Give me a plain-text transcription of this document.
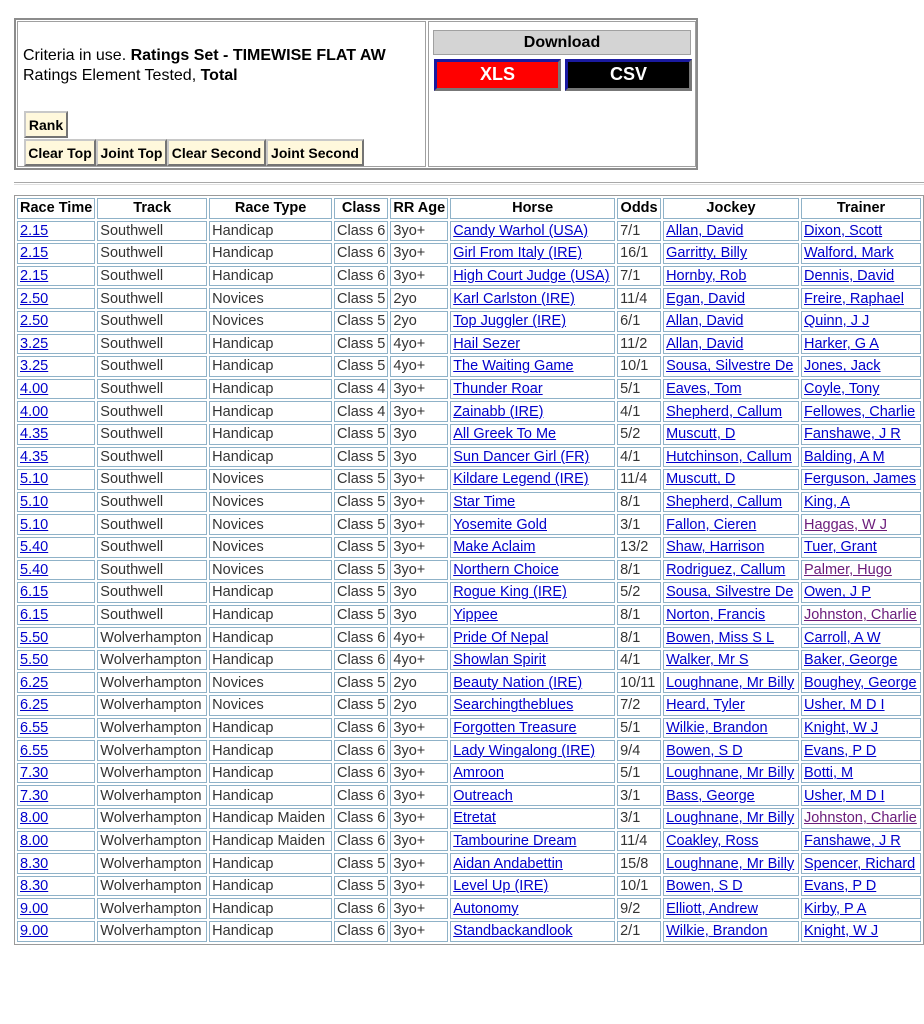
Criteria in use. Ratings Set - TIMEWISE FLAT AW
Ratings Element Tested, Total
Rank
Clear Top Joint Top Clear Second Joint Second
Download
XLS	CSV
Race Time	Track	Race Type	Class	RR Age	Horse	Odds	Jockey	Trainer
2.15	Southwell	Handicap	Class 6	3yo+	Candy Warhol (USA)	7/1	Allan, David	Dixon, Scott
2.15	Southwell	Handicap	Class 6	3yo+	Girl From Italy (IRE)	16/1	Garritty, Billy	Walford, Mark
2.15	Southwell	Handicap	Class 6	3yo+	High Court Judge (USA)	7/1	Hornby, Rob	Dennis, David
2.50	Southwell	Novices	Class 5	2yo	Karl Carlston (IRE)	11/4	Egan, David	Freire, Raphael
2.50	Southwell	Novices	Class 5	2yo	Top Juggler (IRE)	6/1	Allan, David	Quinn, J J
3.25	Southwell	Handicap	Class 5	4yo+	Hail Sezer	11/2	Allan, David	Harker, G A
3.25	Southwell	Handicap	Class 5	4yo+	The Waiting Game	10/1	Sousa, Silvestre De	Jones, Jack
4.00	Southwell	Handicap	Class 4	3yo+	Thunder Roar	5/1	Eaves, Tom	Coyle, Tony
4.00	Southwell	Handicap	Class 4	3yo+	Zainabb (IRE)	4/1	Shepherd, Callum	Fellowes, Charlie
4.35	Southwell	Handicap	Class 5	3yo	All Greek To Me	5/2	Muscutt, D	Fanshawe, J R
4.35	Southwell	Handicap	Class 5	3yo	Sun Dancer Girl (FR)	4/1	Hutchinson, Callum	Balding, A M
5.10	Southwell	Novices	Class 5	3yo+	Kildare Legend (IRE)	11/4	Muscutt, D	Ferguson, James
5.10	Southwell	Novices	Class 5	3yo+	Star Time	8/1	Shepherd, Callum	King, A
5.10	Southwell	Novices	Class 5	3yo+	Yosemite Gold	3/1	Fallon, Cieren	Haggas, W J
5.40	Southwell	Novices	Class 5	3yo+	Make Aclaim	13/2	Shaw, Harrison	Tuer, Grant
5.40	Southwell	Novices	Class 5	3yo+	Northern Choice	8/1	Rodriguez, Callum	Palmer, Hugo
6.15	Southwell	Handicap	Class 5	3yo	Rogue King (IRE)	5/2	Sousa, Silvestre De	Owen, J P
6.15	Southwell	Handicap	Class 5	3yo	Yippee	8/1	Norton, Francis	Johnston, Charlie
5.50	Wolverhampton	Handicap	Class 6	4yo+	Pride Of Nepal	8/1	Bowen, Miss S L	Carroll, A W
5.50	Wolverhampton	Handicap	Class 6	4yo+	Showlan Spirit	4/1	Walker, Mr S	Baker, George
6.25	Wolverhampton	Novices	Class 5	2yo	Beauty Nation (IRE)	10/11	Loughnane, Mr Billy	Boughey, George
6.25	Wolverhampton	Novices	Class 5	2yo	Searchingtheblues	7/2	Heard, Tyler	Usher, M D I
6.55	Wolverhampton	Handicap	Class 6	3yo+	Forgotten Treasure	5/1	Wilkie, Brandon	Knight, W J
6.55	Wolverhampton	Handicap	Class 6	3yo+	Lady Wingalong (IRE)	9/4	Bowen, S D	Evans, P D
7.30	Wolverhampton	Handicap	Class 6	3yo+	Amroon	5/1	Loughnane, Mr Billy	Botti, M
7.30	Wolverhampton	Handicap	Class 6	3yo+	Outreach	3/1	Bass, George	Usher, M D I
8.00	Wolverhampton	Handicap Maiden	Class 6	3yo+	Etretat	3/1	Loughnane, Mr Billy	Johnston, Charlie
8.00	Wolverhampton	Handicap Maiden	Class 6	3yo+	Tambourine Dream	11/4	Coakley, Ross	Fanshawe, J R
8.30	Wolverhampton	Handicap	Class 5	3yo+	Aidan Andabettin	15/8	Loughnane, Mr Billy	Spencer, Richard
8.30	Wolverhampton	Handicap	Class 5	3yo+	Level Up (IRE)	10/1	Bowen, S D	Evans, P D
9.00	Wolverhampton	Handicap	Class 6	3yo+	Autonomy	9/2	Elliott, Andrew	Kirby, P A
9.00	Wolverhampton	Handicap	Class 6	3yo+	Standbackandlook	2/1	Wilkie, Brandon	Knight, W J
